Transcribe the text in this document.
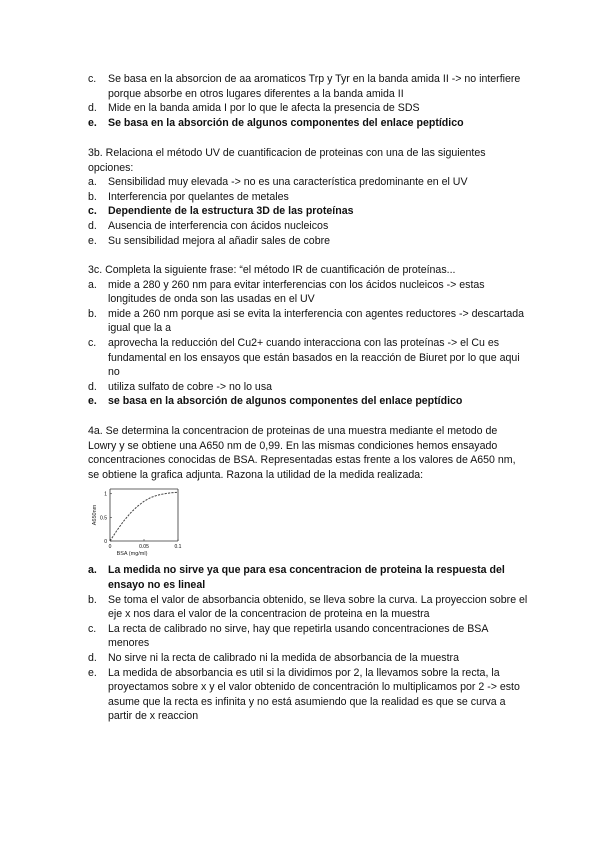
c.	Se basa en la absorcion de aa aromaticos Trp y Tyr en la banda amida II -> no interfiere porque absorbe en otros lugares diferentes a la banda amida II
d.	Mide en la banda amida I por lo que le afecta la presencia de SDS
e.	Se basa en la absorción de algunos componentes del enlace peptídico

3b. Relaciona el método UV de cuantificacion de proteinas con una de las siguientes opciones:

a.	Sensibilidad muy elevada -> no es una característica predominante en el UV
b.	Interferencia por quelantes de metales
c.	Dependiente de la estructura 3D de las proteínas
d.	Ausencia de interferencia con ácidos nucleicos
e.	Su sensibilidad mejora al añadir sales de cobre

3c. Completa la siguiente frase: “el método IR de cuantificación de proteínas...

a.	mide a 280 y 260 nm para evitar interferencias con los ácidos nucleicos -> estas longitudes de onda son las usadas en el UV
b.	mide a 260 nm porque asi se evita la interferencia con agentes reductores -> descartada igual que la a
c.	aprovecha la reducción del Cu2+ cuando interacciona con las proteínas -> el Cu es fundamental en los ensayos que están basados en la reacción de Biuret por lo que aqui no
d.	utiliza sulfato de cobre -> no lo usa
e.	se basa en la absorción de algunos componentes del enlace peptídico

4a. Se determina la concentracion de proteinas de una muestra mediante el metodo de Lowry y se obtiene una A650 nm de 0,99. En las mismas condiciones hemos ensayado concentraciones conocidas de BSA. Representadas estas frente a los valores de A650 nm, se obtiene la grafica adjunta. Razona la utilidad de la medida realizada:

0
0.5
1
0	0.05	0.1
A650nm
BSA (mg/ml)
a.	La medida no sirve ya que para esa concentracion de proteina la respuesta del ensayo no es lineal
b.	Se toma el valor de absorbancia obtenido, se lleva sobre la curva. La proyeccion sobre el eje x nos dara el valor de la concentracion de proteina en la muestra
c.	La recta de calibrado no sirve, hay que repetirla usando concentraciones de BSA menores
d.	No sirve ni la recta de calibrado ni la medida de absorbancia de la muestra
e.	La medida de absorbancia es util si la dividimos por 2, la llevamos sobre la recta, la proyectamos sobre x y el valor obtenido de concentración lo multiplicamos por 2 -> esto asume que la recta es infinita y no está asumiendo que la realidad es que se curva a partir de x reaccion
